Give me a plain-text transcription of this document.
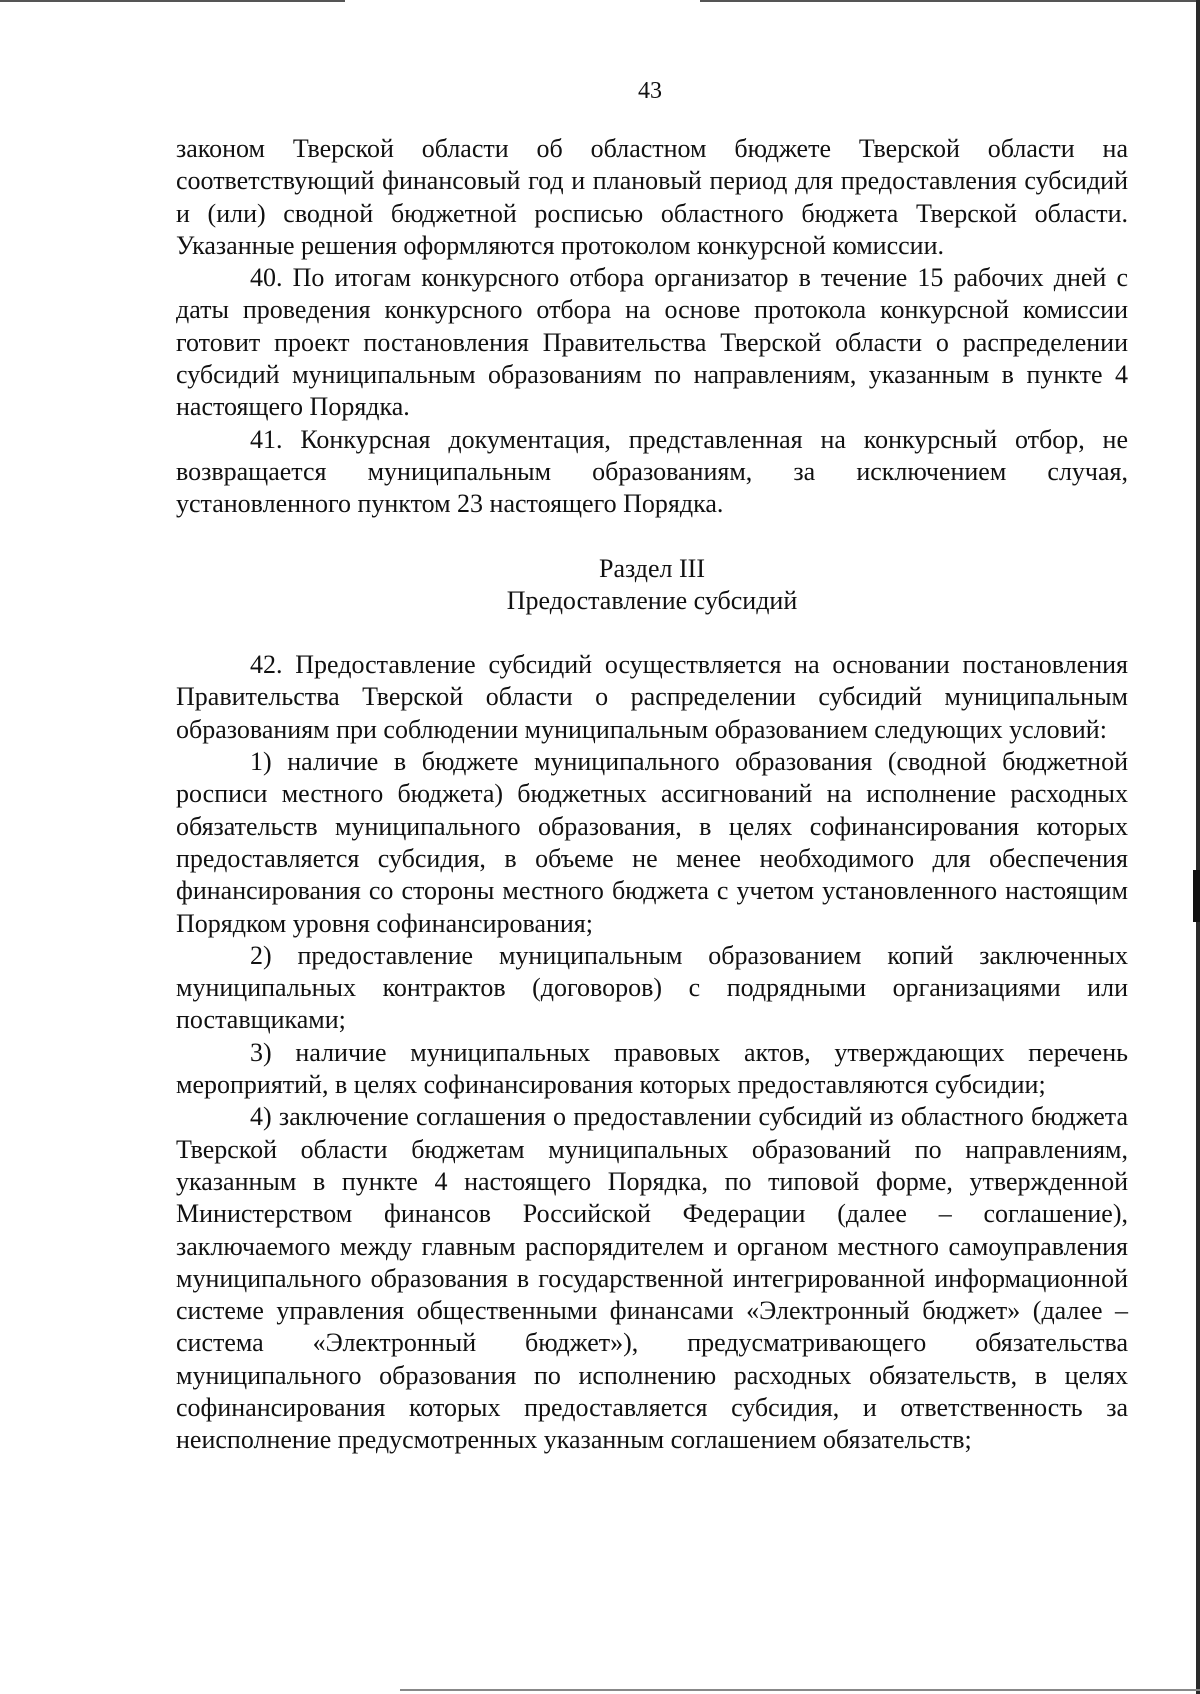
43

законом Тверской области об областном бюджете Тверской области на соответствующий финансовый год и плановый период для предоставления субсидий и (или) сводной бюджетной росписью областного бюджета Тверской области. Указанные решения оформляются протоколом конкурсной комиссии.

40. По итогам конкурсного отбора организатор в течение 15 рабочих дней с даты проведения конкурсного отбора на основе протокола конкурсной комиссии готовит проект постановления Правительства Тверской области о распределении субсидий муниципальным образованиям по направлениям, указанным в пункте 4 настоящего Порядка.

41. Конкурсная документация, представленная на конкурсный отбор, не возвращается муниципальным образованиям, за исключением случая, установленного пунктом 23 настоящего Порядка.

Раздел III

Предоставление субсидий

42. Предоставление субсидий осуществляется на основании постановления Правительства Тверской области о распределении субсидий муниципальным образованиям при соблюдении муниципальным образованием следующих условий:

1) наличие в бюджете муниципального образования (сводной бюджетной росписи местного бюджета) бюджетных ассигнований на исполнение расходных обязательств муниципального образования, в целях софинансирования которых предоставляется субсидия, в объеме не менее необходимого для обеспечения финансирования со стороны местного бюджета с учетом установленного настоящим Порядком уровня софинансирования;

2) предоставление муниципальным образованием копий заключенных муниципальных контрактов (договоров) с подрядными организациями или поставщиками;

3) наличие муниципальных правовых актов, утверждающих перечень мероприятий, в целях софинансирования которых предоставляются субсидии;

4) заключение соглашения о предоставлении субсидий из областного бюджета Тверской области бюджетам муниципальных образований по направлениям, указанным в пункте 4 настоящего Порядка, по типовой форме, утвержденной Министерством финансов Российской Федерации (далее – соглашение), заключаемого между главным распорядителем и органом местного самоуправления муниципального образования в государственной интегрированной информационной системе управления общественными финансами «Электронный бюджет» (далее – система «Электронный бюджет»), предусматривающего обязательства муниципального образования по исполнению расходных обязательств, в целях софинансирования которых предоставляется субсидия, и ответственность за неисполнение предусмотренных указанным соглашением обязательств;
